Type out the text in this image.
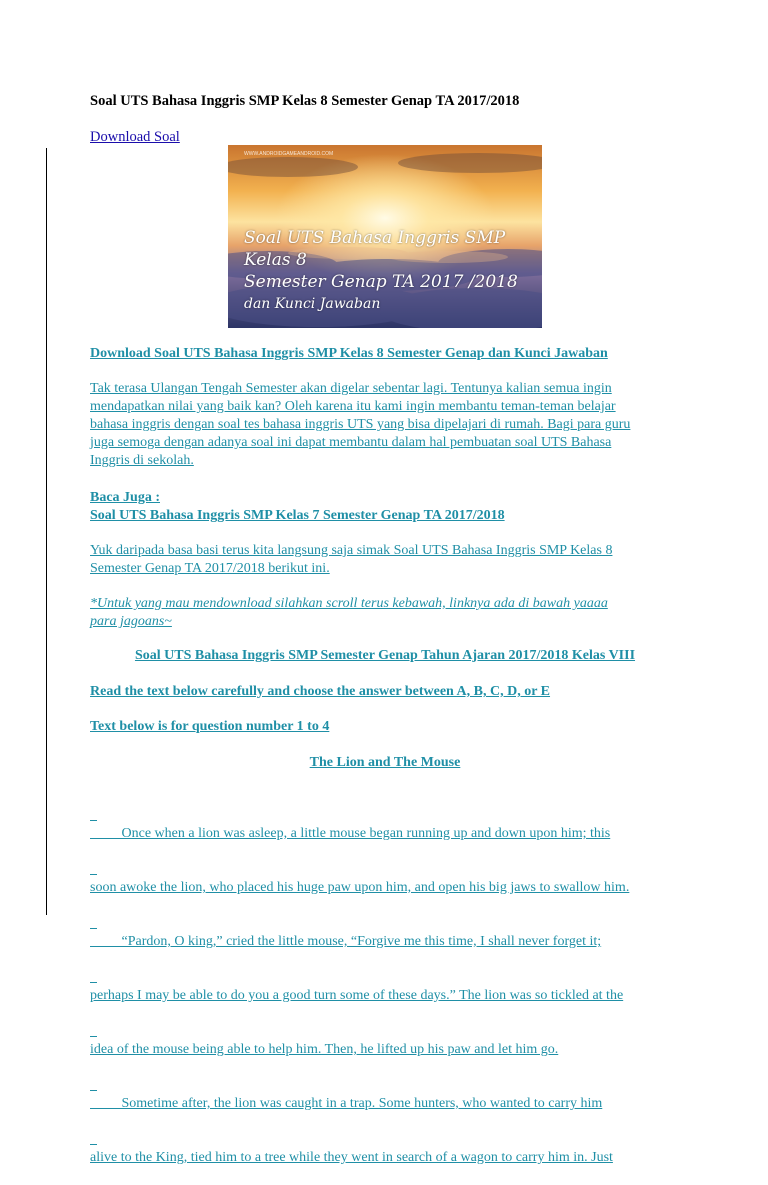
Soal UTS Bahasa Inggris SMP Kelas 8 Semester Genap TA 2017/2018
Download Soal
WWW.ANDROIDGAMEANDROID.COM
Soal UTS Bahasa Inggris SMP
Kelas 8
Semester Genap TA 2017 /2018
dan Kunci Jawaban
Download Soal UTS Bahasa Inggris SMP Kelas 8 Semester Genap dan Kunci Jawaban

Tak terasa Ulangan Tengah Semester akan digelar sebentar lagi. Tentunya kalian semua ingin

mendapatkan nilai yang baik kan? Oleh karena itu kami ingin membantu teman-teman belajar

bahasa inggris dengan soal tes bahasa inggris UTS yang bisa dipelajari di rumah. Bagi para guru

juga semoga dengan adanya soal ini dapat membantu dalam hal pembuatan soal UTS Bahasa

Inggris di sekolah.

Baca Juga :

Soal UTS Bahasa Inggris SMP Kelas 7 Semester Genap TA 2017/2018

Yuk daripada basa basi terus kita langsung saja simak Soal UTS Bahasa Inggris SMP Kelas 8

Semester Genap TA 2017/2018 berikut ini.

*Untuk yang mau mendownload silahkan scroll terus kebawah, linknya ada di bawah yaaaa

para jagoans~

Soal UTS Bahasa Inggris SMP Semester Genap Tahun Ajaran 2017/2018 Kelas VIII
Read the text below carefully and choose the answer between A, B, C, D, or E
Text below is for question number 1 to 4
The Lion and The Mouse

Once when a lion was asleep, a little mouse began running up and down upon him; this

soon awoke the lion, who placed his huge paw upon him, and open his big jaws to swallow him.

“Pardon, O king,” cried the little mouse, “Forgive me this time, I shall never forget it;

perhaps I may be able to do you a good turn some of these days.” The lion was so tickled at the

idea of the mouse being able to help him. Then, he lifted up his paw and let him go.

Sometime after, the lion was caught in a trap. Some hunters, who wanted to carry him

alive to the King, tied him to a tree while they went in search of a wagon to carry him in. Just
